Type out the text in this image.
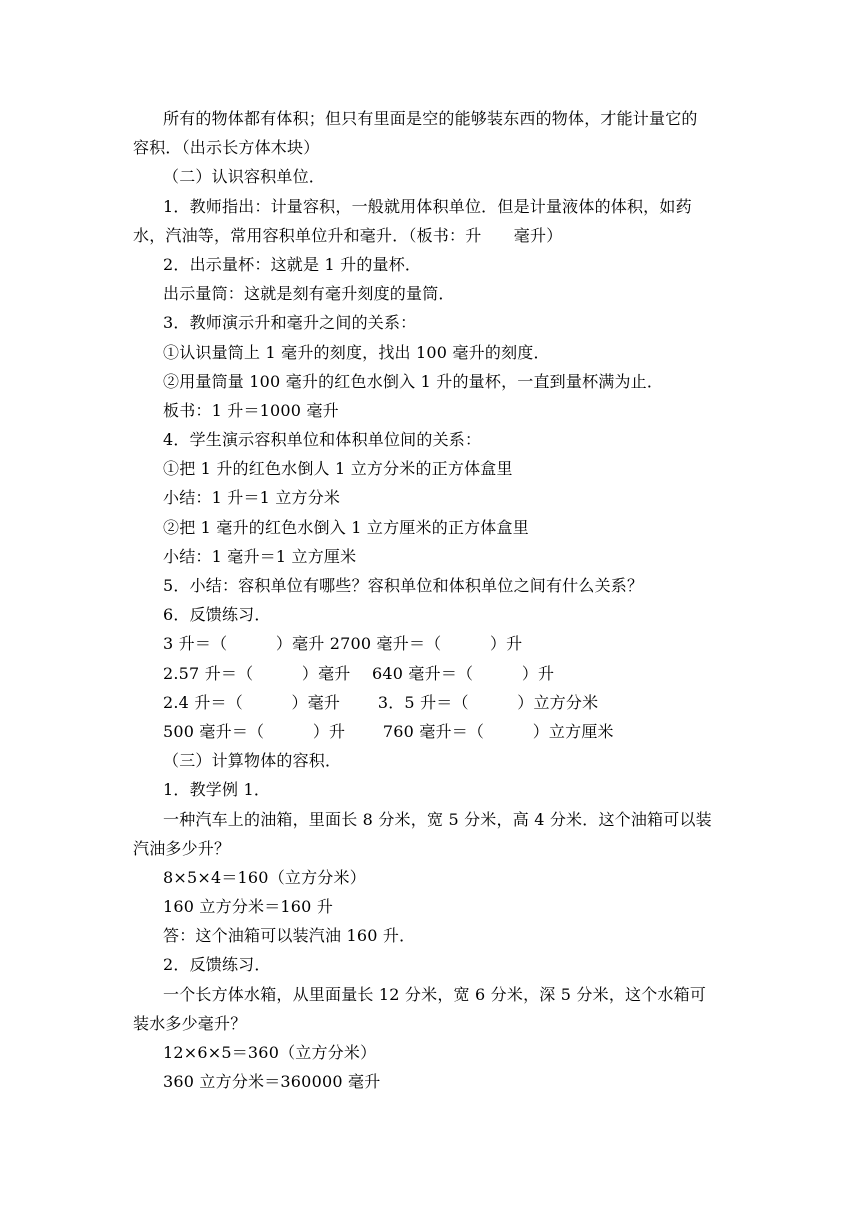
所有的物体都有体积；但只有里面是空的能够装东西的物体，才能计量它的
容积．（出示长方体木块）
（二）认识容积单位．
1．教师指出：计量容积，一般就用体积单位．但是计量液体的体积，如药
水，汽油等，常用容积单位升和毫升．（板书：升　　毫升）
2．出示量杯：这就是 1 升的量杯．
出示量筒：这就是刻有毫升刻度的量筒．
3．教师演示升和毫升之间的关系：
①认识量筒上 1 毫升的刻度，找出 100 毫升的刻度．
②用量筒量 100 毫升的红色水倒入 1 升的量杯，一直到量杯满为止．
板书：1 升＝1000 毫升
4．学生演示容积单位和体积单位间的关系：
①把 1 升的红色水倒人 1 立方分米的正方体盒里
小结：1 升＝1 立方分米
②把 1 毫升的红色水倒入 1 立方厘米的正方体盒里
小结：1 毫升＝1 立方厘米
5．小结：容积单位有哪些？容积单位和体积单位之间有什么关系？
6．反馈练习．
3 升＝（　　　）毫升 2700 毫升＝（　　　）升
2.57 升＝（　　　）毫升　 640 毫升＝（　　　）升
2.4 升＝（　　　）毫升　　 3．5 升＝（　　　）立方分米
500 毫升＝（　　　）升　　 760 毫升＝（　　　）立方厘米
（三）计算物体的容积．
1．教学例 1．
一种汽车上的油箱，里面长 8 分米，宽 5 分米，高 4 分米．这个油箱可以装
汽油多少升？
8×5×4＝160（立方分米）
160 立方分米＝160 升
答：这个油箱可以装汽油 160 升．
2．反馈练习．
一个长方体水箱，从里面量长 12 分米，宽 6 分米，深 5 分米，这个水箱可
装水多少毫升？
12×6×5＝360（立方分米）
360 立方分米＝360000 毫升
